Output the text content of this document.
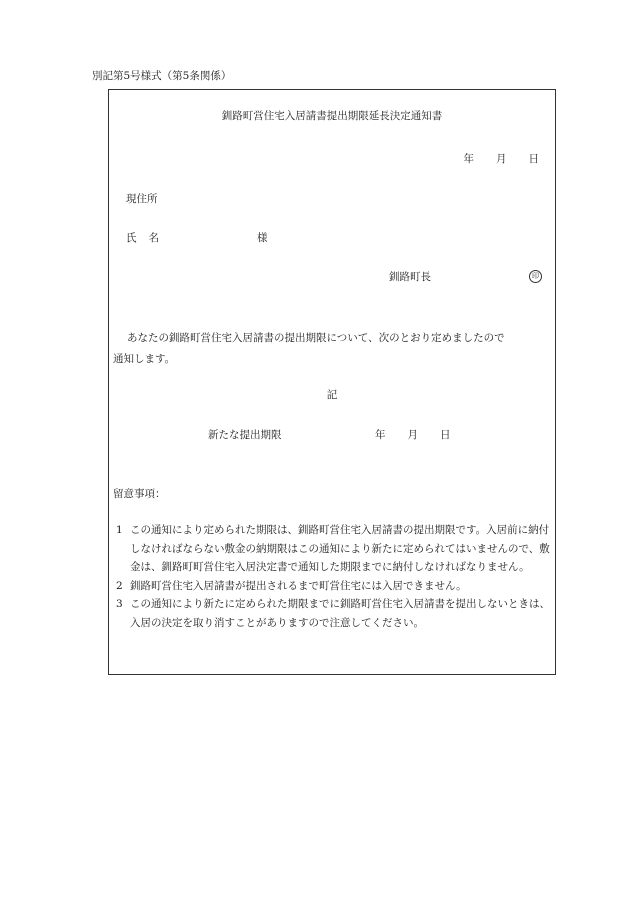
別記第5号様式（第5条関係）
釧路町営住宅入居請書提出期限延長決定通知書
年 月 日
現住所
氏 名	様
釧路町長	印
あなたの釧路町営住宅入居請書の提出期限について、次のとおり定めましたので
通知します。
記
新たな提出期限	年 月 日
留意事項：
1 この通知により定められた期限は、釧路町営住宅入居請書の提出期限です。入居前に納付しなければならない敷金の納期限はこの通知により新たに定められてはいませんので、敷金は、釧路町町営住宅入居決定書で通知した期限までに納付しなければなりません。
2 釧路町営住宅入居請書が提出されるまで町営住宅には入居できません。
3 この通知により新たに定められた期限までに釧路町営住宅入居請書を提出しないときは、入居の決定を取り消すことがありますので注意してください。
